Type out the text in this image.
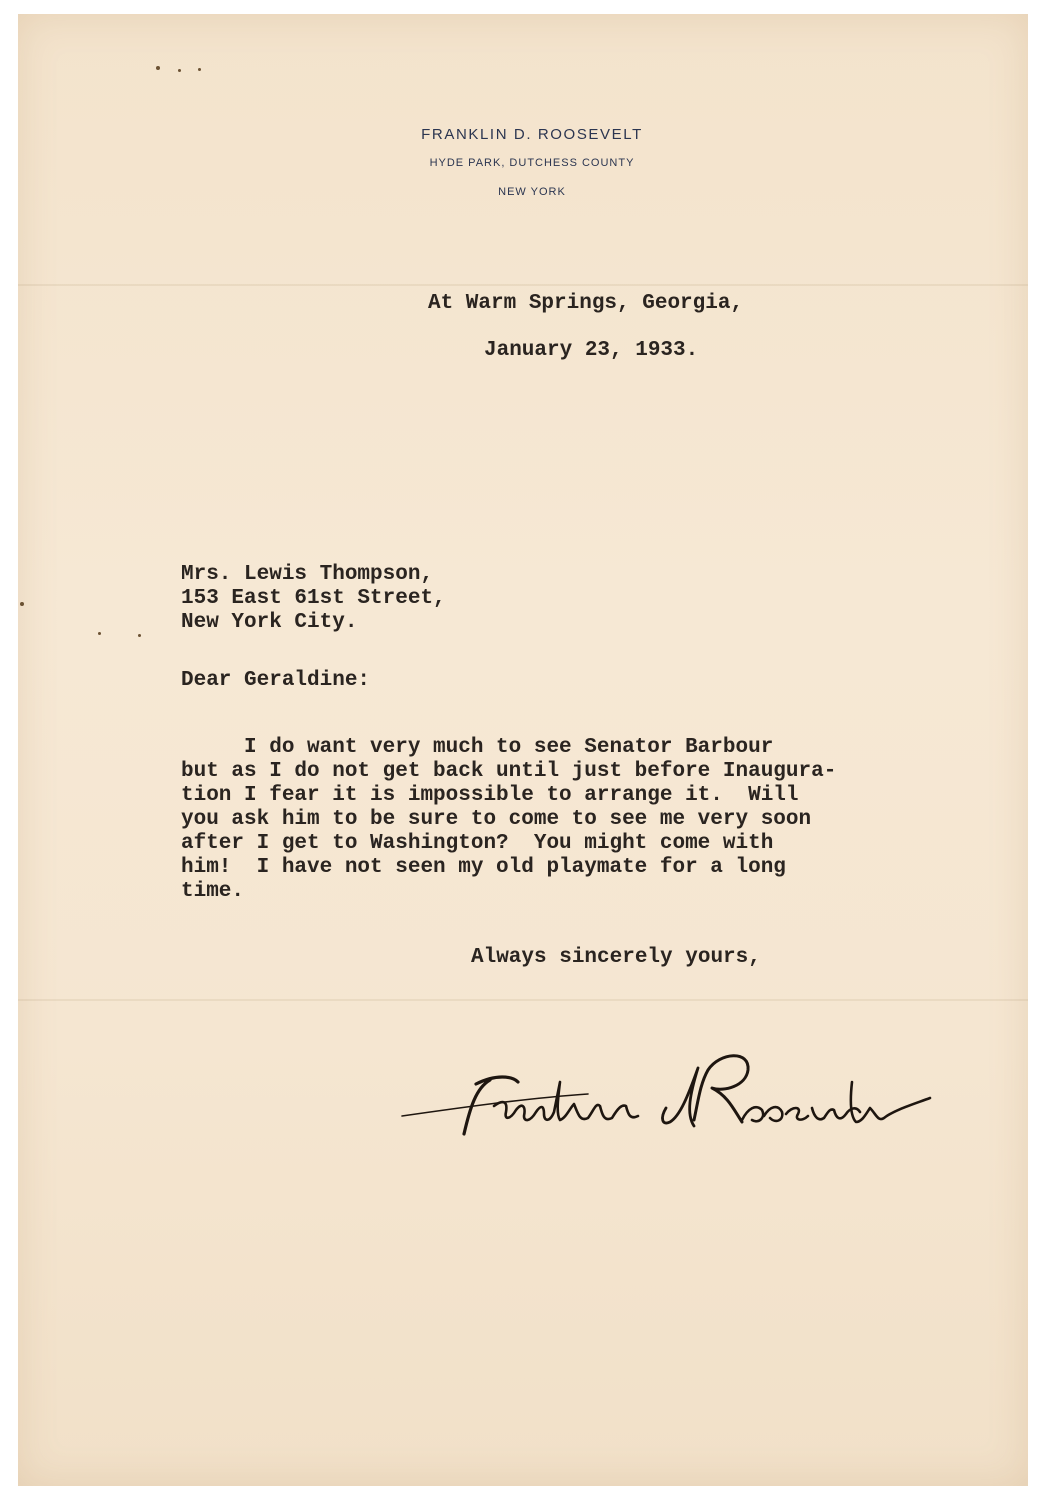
FRANKLIN D. ROOSEVELT
HYDE PARK, DUTCHESS COUNTY
NEW YORK
At Warm Springs, Georgia,
January 23, 1933.
Mrs. Lewis Thompson,
153 East 61st Street,
New York City.
Dear Geraldine:
I do want very much to see Senator Barbour
but as I do not get back until just before Inaugura-
tion I fear it is impossible to arrange it.  Will
you ask him to be sure to come to see me very soon
after I get to Washington?  You might come with
him!  I have not seen my old playmate for a long
time.
Always sincerely yours,
